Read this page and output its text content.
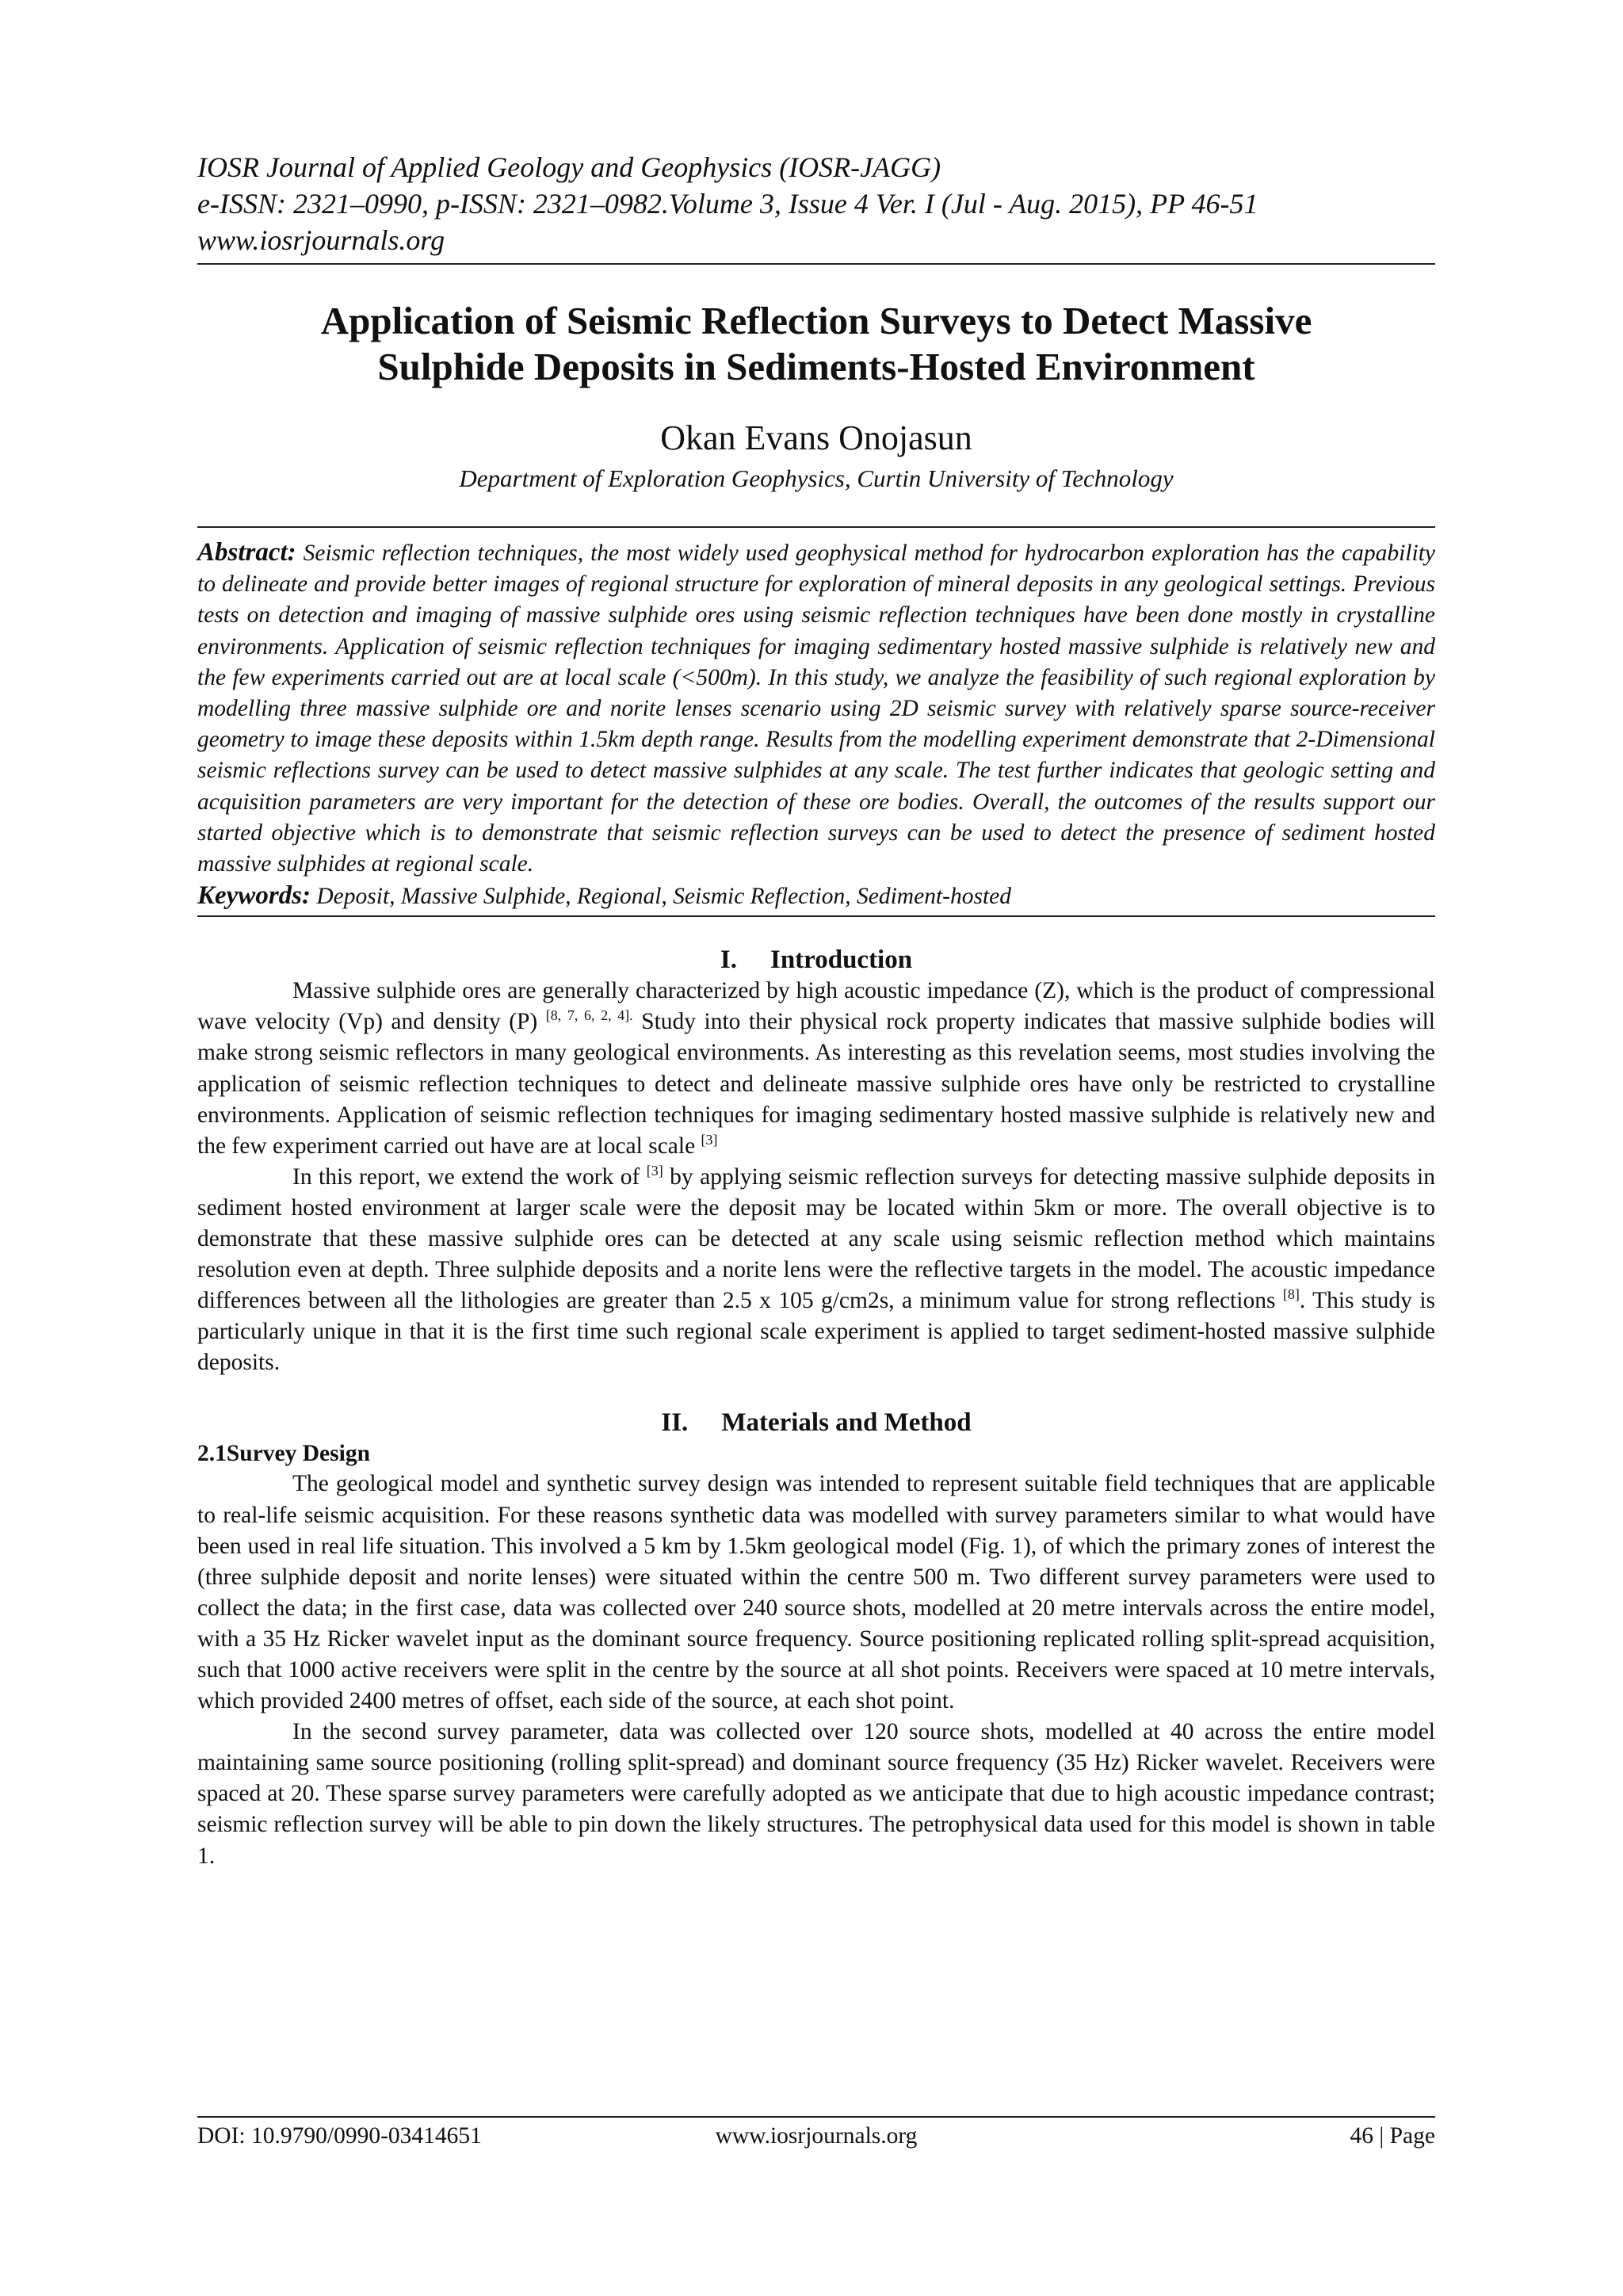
IOSR Journal of Applied Geology and Geophysics (IOSR-JAGG)
e-ISSN: 2321–0990, p-ISSN: 2321–0982.Volume 3, Issue 4 Ver. I (Jul - Aug. 2015), PP 46-51
www.iosrjournals.org
Application of Seismic Reflection Surveys to Detect Massive
Sulphide Deposits in Sediments-Hosted Environment
Okan Evans Onojasun
Department of Exploration Geophysics, Curtin University of Technology

Abstract: Seismic reflection techniques, the most widely used geophysical method for hydrocarbon exploration has the capability to delineate and provide better images of regional structure for exploration of mineral deposits in any geological settings. Previous tests on detection and imaging of massive sulphide ores using seismic reflection techniques have been done mostly in crystalline environments. Application of seismic reflection techniques for imaging sedimentary hosted massive sulphide is relatively new and the few experiments carried out are at local scale (<500m). In this study, we analyze the feasibility of such regional exploration by modelling three massive sulphide ore and norite lenses scenario using 2D seismic survey with relatively sparse source-receiver geometry to image these deposits within 1.5km depth range. Results from the modelling experiment demonstrate that 2-Dimensional seismic reflections survey can be used to detect massive sulphides at any scale. The test further indicates that geologic setting and acquisition parameters are very important for the detection of these ore bodies. Overall, the outcomes of the results support our started objective which is to demonstrate that seismic reflection surveys can be used to detect the presence of sediment hosted massive sulphides at regional scale.

Keywords: Deposit, Massive Sulphide, Regional, Seismic Reflection, Sediment-hosted
I. Introduction

Massive sulphide ores are generally characterized by high acoustic impedance (Z), which is the product of compressional wave velocity (Vp) and density (P) $^{[8, 7, 6, 2, 4].}$ Study into their physical rock property indicates that massive sulphide bodies will make strong seismic reflectors in many geological environments. As interesting as this revelation seems, most studies involving the application of seismic reflection techniques to detect and delineate massive sulphide ores have only be restricted to crystalline environments. Application of seismic reflection techniques for imaging sedimentary hosted massive sulphide is relatively new and the few experiment carried out have are at local scale [3]

In this report, we extend the work of [3] by applying seismic reflection surveys for detecting massive sulphide deposits in sediment hosted environment at larger scale were the deposit may be located within 5km or more. The overall objective is to demonstrate that these massive sulphide ores can be detected at any scale using seismic reflection method which maintains resolution even at depth. Three sulphide deposits and a norite lens were the reflective targets in the model. The acoustic impedance differences between all the lithologies are greater than 2.5 x 105 g/cm2s, a minimum value for strong reflections [8]. This study is particularly unique in that it is the first time such regional scale experiment is applied to target sediment-hosted massive sulphide deposits.

II. Materials and Method
2.1Survey Design

The geological model and synthetic survey design was intended to represent suitable field techniques that are applicable to real-life seismic acquisition. For these reasons synthetic data was modelled with survey parameters similar to what would have been used in real life situation. This involved a 5 km by 1.5km geological model (Fig. 1), of which the primary zones of interest the (three sulphide deposit and norite lenses) were situated within the centre 500 m. Two different survey parameters were used to collect the data; in the first case, data was collected over 240 source shots, modelled at 20 metre intervals across the entire model, with a 35 Hz Ricker wavelet input as the dominant source frequency. Source positioning replicated rolling split-spread acquisition, such that 1000 active receivers were split in the centre by the source at all shot points. Receivers were spaced at 10 metre intervals, which provided 2400 metres of offset, each side of the source, at each shot point.

In the second survey parameter, data was collected over 120 source shots, modelled at 40 across the entire model maintaining same source positioning (rolling split-spread) and dominant source frequency (35 Hz) Ricker wavelet. Receivers were spaced at 20. These sparse survey parameters were carefully adopted as we anticipate that due to high acoustic impedance contrast; seismic reflection survey will be able to pin down the likely structures. The petrophysical data used for this model is shown in table 1.

DOI: 10.9790/0990-03414651	www.iosrjournals.org	46 | Page
